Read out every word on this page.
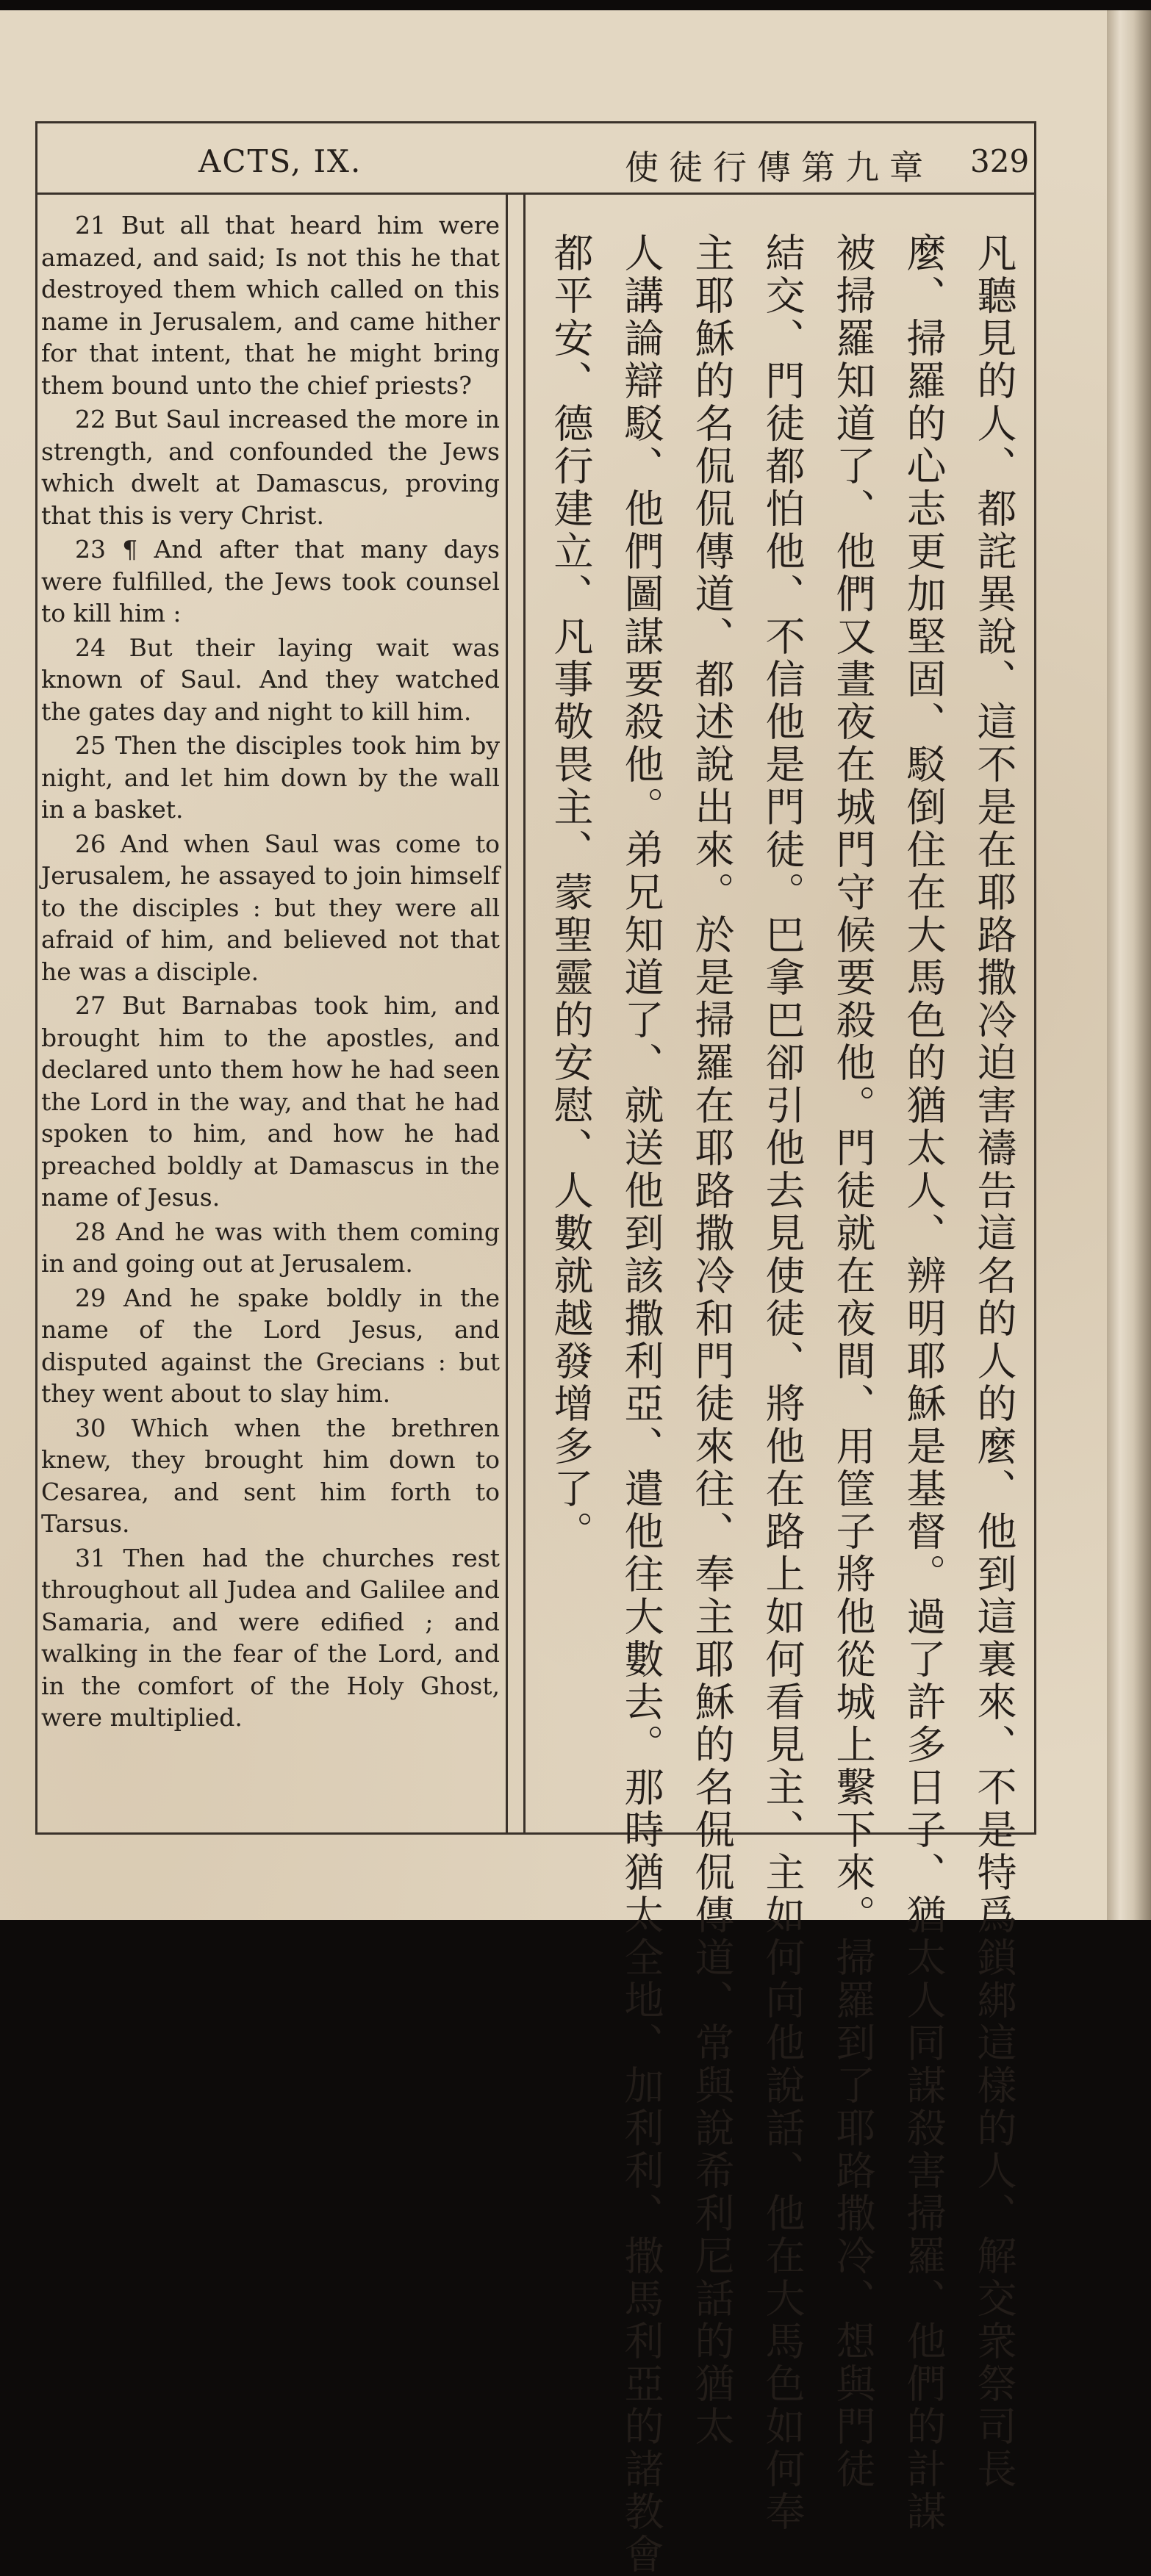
ACTS, IX.	使徒行傳第九章 329

21 But all that heard him were amazed, and said; Is not this he that destroyed them which called on this name in Jerusalem, and came hither for that intent, that he might bring them bound unto the chief priests?

22 But Saul increased the more in strength, and confounded the Jews which dwelt at Damascus, proving that this is very Christ.

23 ¶ And after that many days were fulfilled, the Jews took counsel to kill him :

24 But their laying wait was known of Saul. And they watched the gates day and night to kill him.

25 Then the disciples took him by night, and let him down by the wall in a basket.

26 And when Saul was come to Jerusalem, he assayed to join himself to the disciples : but they were all afraid of him, and believed not that he was a disciple.

27 But Barnabas took him, and brought him to the apostles, and declared unto them how he had seen the Lord in the way, and that he had spoken to him, and how he had preached boldly at Damascus in the name of Jesus.

28 And he was with them coming in and going out at Jerusalem.

29 And he spake boldly in the name of the Lord Jesus, and disputed against the Grecians : but they went about to slay him.

30 Which when the brethren knew, they brought him down to Cesarea, and sent him forth to Tarsus.

31 Then had the churches rest throughout all Judea and Galilee and Samaria, and were edified ; and walking in the fear of the Lord, and in the comfort of the Holy Ghost, were multiplied.	凡聽見的人、都詫異說、這不是在耶路撒冷迫害禱告這名的人的麼、他到這裏來、不是特爲鎖綁這樣的人、解交衆祭司長
麼、掃羅的心志更加堅固、駁倒住在大馬色的猶太人、辨明耶穌是基督。過了許多日子、猶太人同謀殺害掃羅、他們的計謀
被掃羅知道了、他們又晝夜在城門守候要殺他。門徒就在夜間、用筐子將他從城上繫下來。掃羅到了耶路撒冷、想與門徒
結交、門徒都怕他、不信他是門徒。巴拿巴卻引他去見使徒、將他在路上如何看見主、主如何向他說話、他在大馬色如何奉
主耶穌的名侃侃傳道、都述說出來。於是掃羅在耶路撒冷和門徒來往、奉主耶穌的名侃侃傳道、常與說希利尼話的猶太
人講論辯駁、他們圖謀要殺他。弟兄知道了、就送他到該撒利亞、遣他往大數去。那時猶太全地、加利利、撒馬利亞的諸教會
都平安、德行建立、凡事敬畏主、蒙聖靈的安慰、人數就越發增多了。
